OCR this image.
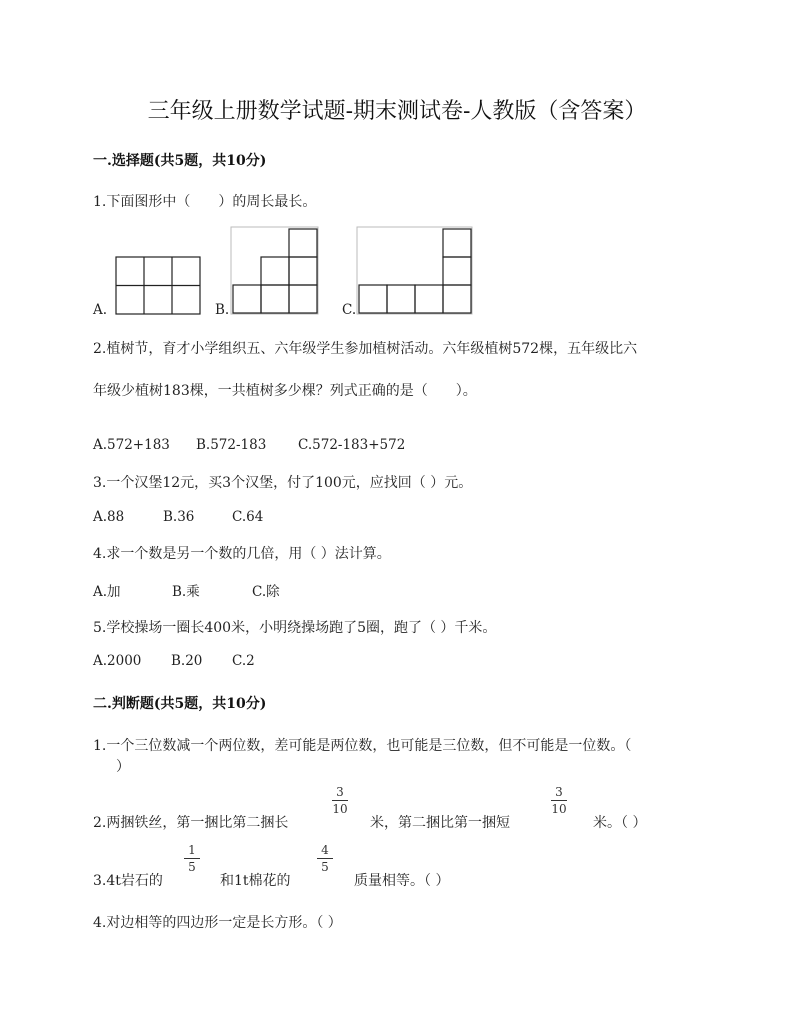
三年级上册数学试题-期末测试卷-人教版（含答案）
一.选择题(共5题，共10分)
1.下面图形中（　　）的周长最长。
A.	B.	C.
2.植树节，育才小学组织五、六年级学生参加植树活动。六年级植树572棵，五年级比六
年级少植树183棵，一共植树多少棵？列式正确的是（　　）。
A.572+183 B.572-183 C.572-183+572
3.一个汉堡12元，买3个汉堡，付了100元，应找回（ ）元。
A.88	B.36	C.64
4.求一个数是另一个数的几倍，用（ ）法计算。
A.加	B.乘	C.除
5.学校操场一圈长400米，小明绕操场跑了5圈，跑了（ ）千米。
A.2000 B.20 C.2
二.判断题(共5题，共10分)
1.一个三位数减一个两位数，差可能是两位数，也可能是三位数，但不可能是一位数。（
）
2.两捆铁丝，第一捆比第二捆长
3
10
米，第二捆比第一捆短
3
10
米。（ ）
3.4t岩石的
1
5
和1t棉花的
4
5
质量相等。（ ）
4.对边相等的四边形一定是长方形。（ ）
